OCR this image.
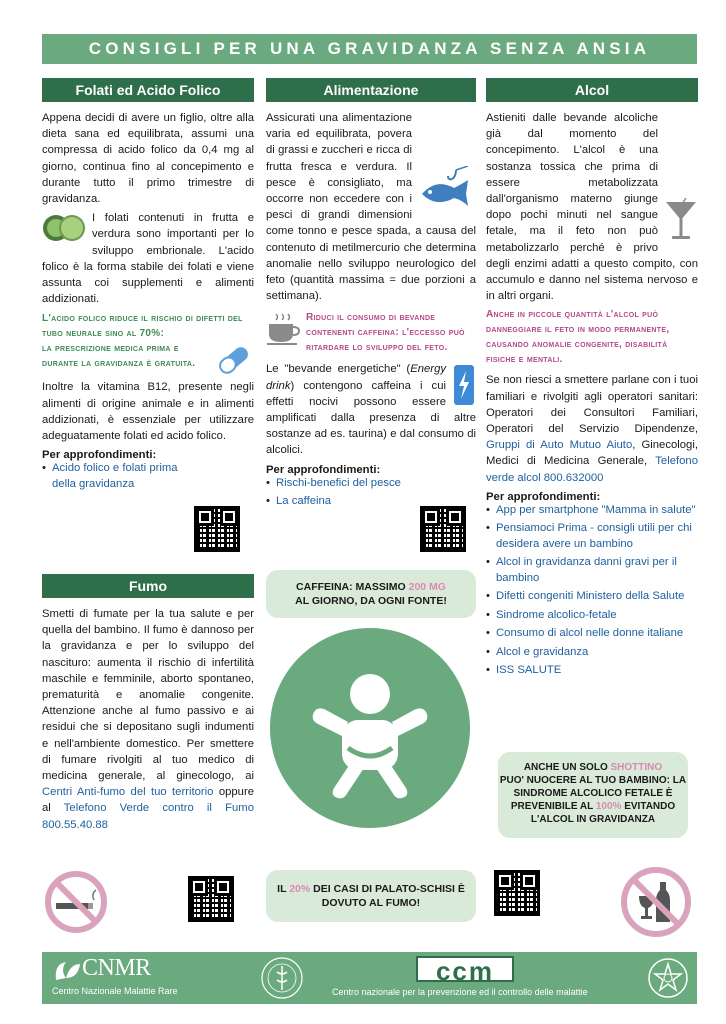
CONSIGLI PER UNA GRAVIDANZA SENZA ANSIA
Folati ed Acido Folico

Appena decidi di avere un figlio, oltre alla dieta sana ed equilibrata, assumi una compressa di acido folico da 0,4 mg al giorno, continua fino al concepimento e durante tutto il primo trimestre di gravidanza.

I folati contenuti in frutta e verdura sono importanti per lo sviluppo embrionale. L'acido folico è la forma stabile dei folati e viene assunta coi supplementi e alimenti addizionati.
L'acido folico riduce il rischio di difetti del tubo neurale sino al 70%:
la prescrizione medica prima e durante la gravidanza è gratuita.

Inoltre la vitamina B12, presente negli alimenti di origine animale e in alimenti addizionati, è essenziale per utilizzare adeguatamente folati ed acido folico.

Per approfondimenti:
• Acido folico e folati prima della gravidanza
Fumo

Smetti di fumate per la tua salute e per quella del bambino. Il fumo è dannoso per la gravidanza e per lo sviluppo del nascituro: aumenta il rischio di infertilità maschile e femminile, aborto spontaneo, prematurità e anomalie congenite. Attenzione anche al fumo passivo e ai residui che si depositano sugli indumenti e nell'ambiente domestico. Per smettere di fumare rivolgiti al tuo medico di medicina generale, al ginecologo, ai Centri Anti-fumo del tuo territorio oppure al Telefono Verde contro il Fumo 800.55.40.88

Alimentazione
Assicurati una alimentazione varia ed equilibrata, povera di grassi e zuccheri e ricca di frutta fresca e verdura. Il pesce è consigliato, ma occorre non eccedere con i pesci di grandi dimensioni come tonno e pesce spada, a causa del contenuto di metilmercurio che determina anomalie nello sviluppo neurologico del feto (quantità massima = due porzioni a settimana).
Riduci il consumo di bevande contenenti caffeina: l'eccesso può ritardare lo sviluppo del feto.
Le "bevande energetiche" (Energy drink) contengono caffeina i cui effetti nocivi possono essere amplificati dalla presenza di altre sostanze ad es. taurina) e dal consumo di alcolici.
Per approfondimenti:
• Rischi-benefici del pesce
• La caffeina
CAFFEINA: MASSIMO 200 MG
AL GIORNO, DA OGNI FONTE!
Alcol
Astieniti dalle bevande alcoliche già dal momento del concepimento. L'alcol è una sostanza tossica che prima di essere metabolizzata dall'organismo materno giunge dopo pochi minuti nel sangue fetale, ma il feto non può metabolizzarlo perché è privo degli enzimi adatti a questo compito, con accumulo e danno nel sistema nervoso e in altri organi.
Anche in piccole quantità l'alcol può danneggiare il feto in modo permanente, causando anomalie congenite, disabilità fisiche e mentali.

Se non riesci a smettere parlane con i tuoi familiari e rivolgiti agli operatori sanitari: Operatori dei Consultori Familiari, Operatori del Servizio Dipendenze, Gruppi di Auto Mutuo Aiuto, Ginecologi, Medici di Medicina Generale, Telefono verde alcol 800.632000

Per approfondimenti:
• App per smartphone "Mamma in salute"
• Pensiamoci Prima - consigli utili per chi desidera avere un bambino
• Alcol in gravidanza danni gravi per il bambino
• Difetti congeniti Ministero della Salute
• Sindrome alcolico-fetale
• Consumo di alcol nelle donne italiane
• Alcol e gravidanza
• ISS SALUTE
ANCHE UN SOLO SHOTTINO
PUO' NUOCERE AL TUO BAMBINO: LA SINDROME ALCOLICO FETALE È PREVENIBILE AL 100% EVITANDO L'ALCOL IN GRAVIDANZA
IL 20% DEI CASI DI PALATO-SCHISI È DOVUTO AL FUMO!
CNMR
Centro Nazionale Malattie Rare
ccm
Centro nazionale per la prevenzione ed il controllo delle malattie
